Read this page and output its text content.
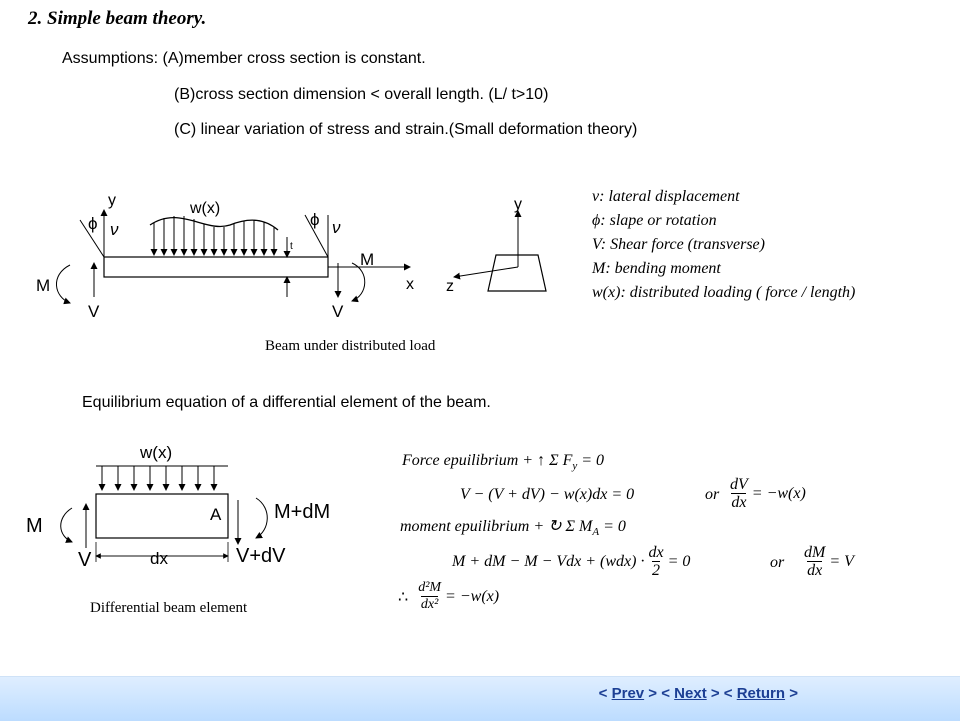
2. Simple beam theory.
Assumptions: (A)member cross section is constant.
(B)cross section dimension < overall length. (L/ t>10)
(C) linear variation of stress and strain.(Small deformation theory)
w(x)
y
x
t
ϕ ν
ϕ ν
M
M
V	V
Beam under distributed load
y
z
ν: lateral displacement
ϕ: slape or rotation
V: Shear force (transverse)
M: bending moment
w(x): distributed loading ( force / length)
Equilibrium equation of a differential element of the beam.
w(x)
M
M+dM
V	V+dV
A
dx
Differential beam element
Force epuilibrium + ↑ Σ $F_y = 0$
V − (V + dV) − w(x)dx = 0	or $\frac{dV}{dx} = -w(x)$
moment epuilibrium + ↻ Σ $M_A = 0$
M + dM − M − Vdx + $(wdx) \cdot \frac{dx}{2} = 0$	or $\frac{dM}{dx} = V$
∴ $\frac{\text{d²M}}{\text{dx²}} = -w(x)$
< Prev > < Next > < Return >
